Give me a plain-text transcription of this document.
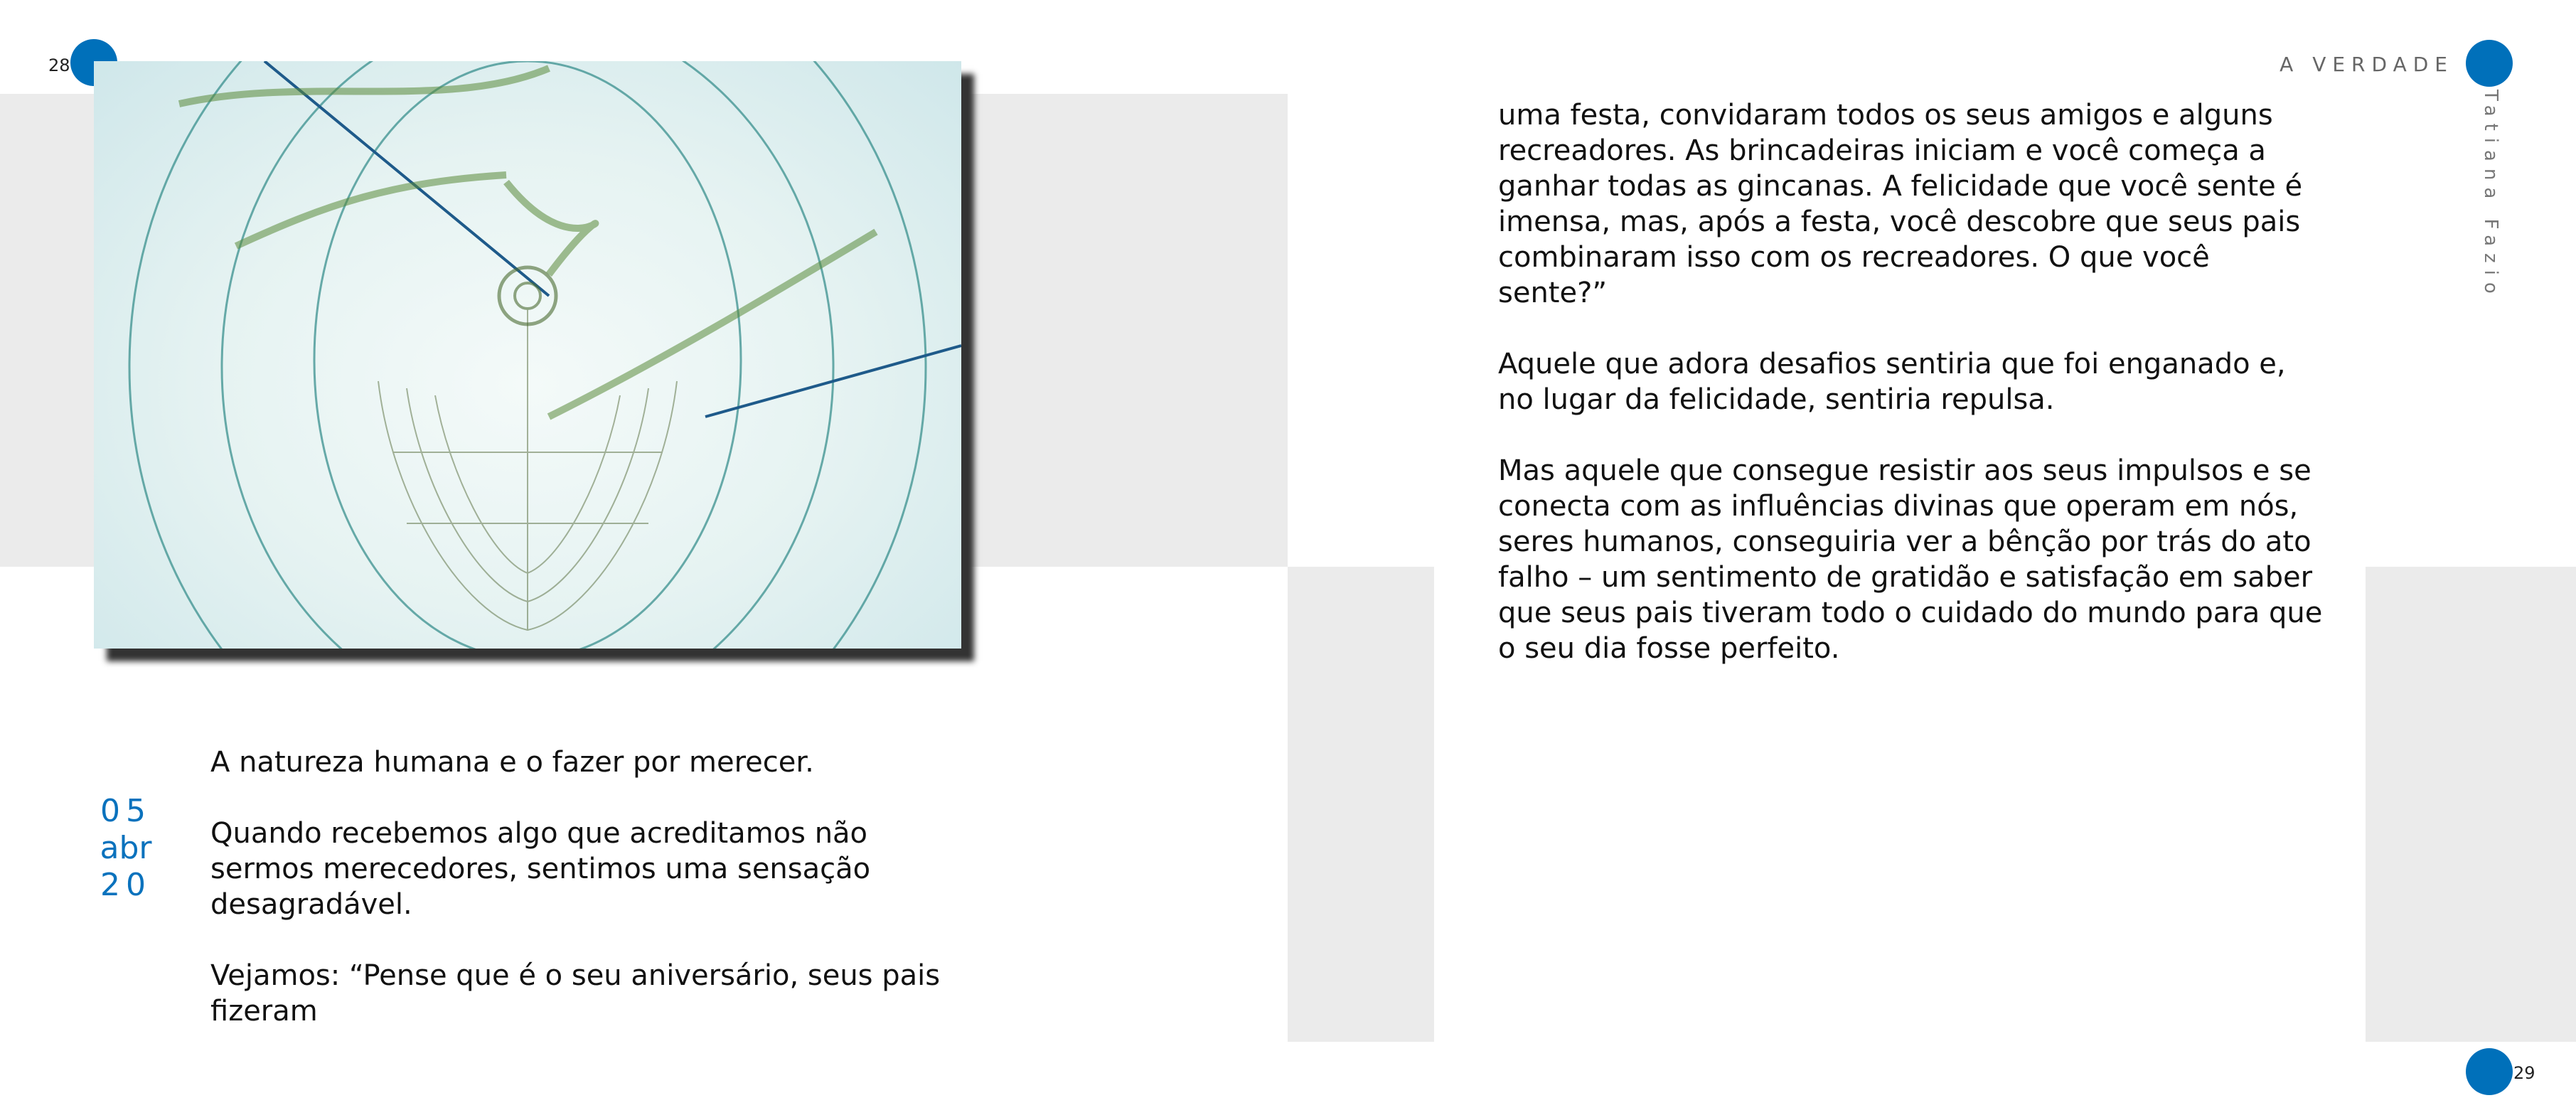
28
05
abr
20

A natureza humana e o fazer por merecer.

Quando recebemos algo que acreditamos não sermos merecedores, sentimos uma sensação desagradável.

Vejamos: “Pense que é o seu aniversário, seus pais fizeram

A VERDADE
Tatiana Fazio

uma festa, convidaram todos os seus amigos e alguns recreadores. As brincadeiras iniciam e você começa a ganhar todas as gincanas. A felicidade que você sente é imensa, mas, após a festa, você descobre que seus pais combinaram isso com os recreadores. O que você sente?”

Aquele que adora desafios sentiria que foi enganado e, no lugar da felicidade, sentiria repulsa.

Mas aquele que consegue resistir aos seus impulsos e se conecta com as influências divinas que operam em nós, seres humanos, conseguiria ver a bênção por trás do ato falho – um sentimento de gratidão e satisfação em saber que seus pais tiveram todo o cuidado do mundo para que o seu dia fosse perfeito.

29
